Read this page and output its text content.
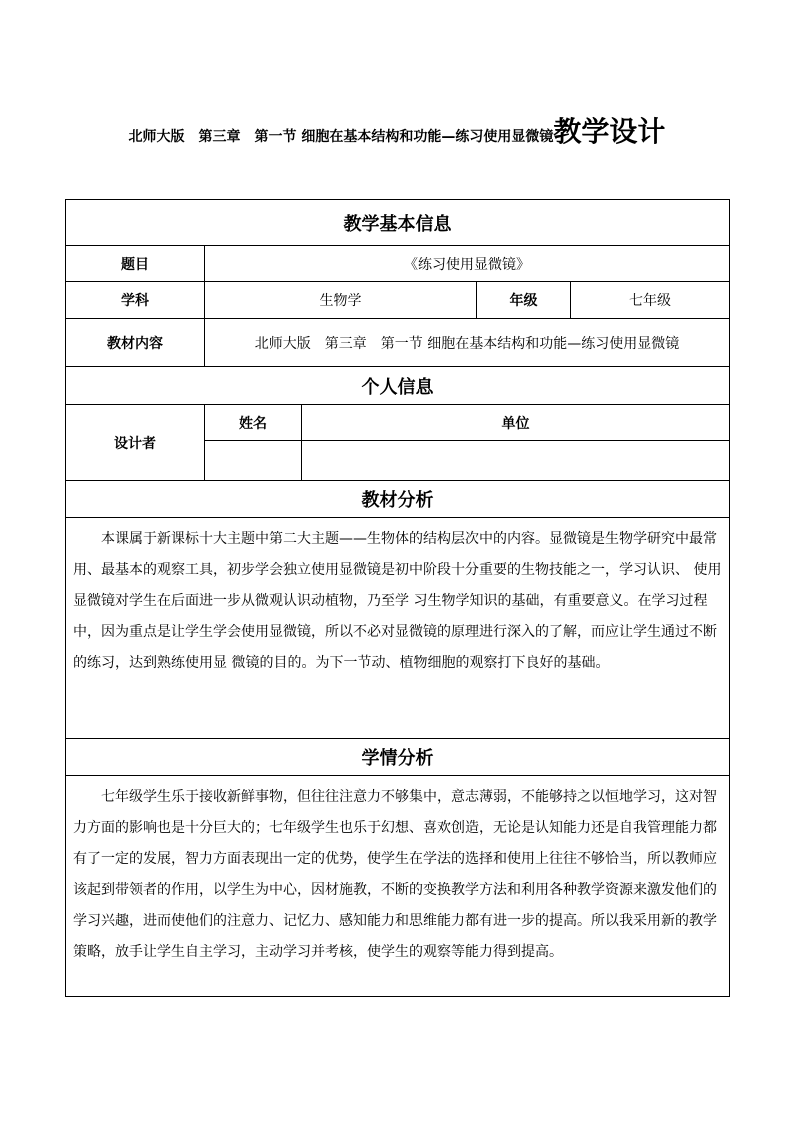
北师大版　第三章　第一节 细胞在基本结构和功能—练习使用显微镜教学设计
教学基本信息				
题目	《练习使用显微镜》			
学科	生物学		年级	七年级
教材内容	北师大版　第三章　第一节 细胞在基本结构和功能—练习使用显微镜			
个人信息				
设计者	姓名	单位		

教材分析				
本课属于新课标十大主题中第二大主题——生物体的结构层次中的内容。显微镜是生物学研究中最常用、最基本的观察工具，初步学会独立使用显微镜是初中阶段十分重要的生物技能之一，学习认识、 使用显微镜对学生在后面进一步从微观认识动植物，乃至学 习生物学知识的基础，有重要意义。在学习过程中，因为重点是让学生学会使用显微镜，所以不必对显微镜的原理进行深入的了解，而应让学生通过不断的练习，达到熟练使用显 微镜的目的。为下一节动、植物细胞的观察打下良好的基础。				
学情分析				
七年级学生乐于接收新鲜事物，但往往注意力不够集中，意志薄弱，不能够持之以恒地学习，这对智力方面的影响也是十分巨大的；七年级学生也乐于幻想、喜欢创造，无论是认知能力还是自我管理能力都有了一定的发展，智力方面表现出一定的优势，使学生在学法的选择和使用上往往不够恰当，所以教师应该起到带领者的作用，以学生为中心，因材施教，不断的变换教学方法和利用各种教学资源来激发他们的学习兴趣，进而使他们的注意力、记忆力、感知能力和思维能力都有进一步的提高。所以我采用新的教学策略，放手让学生自主学习，主动学习并考核，使学生的观察等能力得到提高。				
